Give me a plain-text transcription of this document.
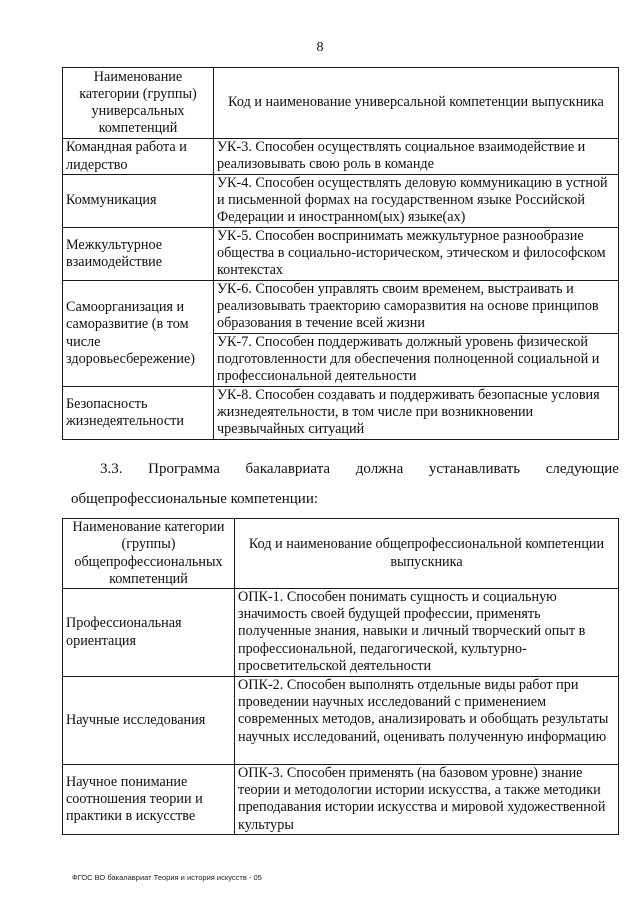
8
Наименование категории (группы) универсальных компетенций	Код и наименование универсальной компетенции выпускника
Командная работа и лидерство	УК-3. Способен осуществлять социальное взаимодействие и реализовывать свою роль в команде
Коммуникация	УК-4. Способен осуществлять деловую коммуникацию в устной и письменной формах на государственном языке Российской Федерации и иностранном(ых) языке(ах)
Межкультурное взаимодействие	УК-5. Способен воспринимать межкультурное разнообразие общества в социально-историческом, этическом и философском контекстах
Самоорганизация и саморазвитие (в том числе здоровьесбережение)	УК-6. Способен управлять своим временем, выстраивать и реализовывать траекторию саморазвития на основе принципов образования в течение всей жизни
	УК-7. Способен поддерживать должный уровень физической подготовленности для обеспечения полноценной социальной и профессиональной деятельности
Безопасность жизнедеятельности	УК-8. Способен создавать и поддерживать безопасные условия жизнедеятельности, в том числе при возникновении чрезвычайных ситуаций
3.3. Программа бакалавриата должна устанавливать следующие
общепрофессиональные компетенции:
Наименование категории (группы) общепрофессиональных компетенций	Код и наименование общепрофессиональной компетенции выпускника
Профессиональная ориентация	ОПК-1. Способен понимать сущность и социальную значимость своей будущей профессии, применять полученные знания, навыки и личный творческий опыт в профессиональной, педагогической, культурно-просветительской деятельности
Научные исследования	ОПК-2. Способен выполнять отдельные виды работ при проведении научных исследований с применением современных методов, анализировать и обобщать результаты научных исследований, оценивать полученную информацию
Научное понимание соотношения теории и практики в искусстве	ОПК-3. Способен применять (на базовом уровне) знание теории и методологии истории искусства, а также методики преподавания истории искусства и мировой художественной культуры
ФГОС ВО бакалавриат Теория и история искусств - 05
